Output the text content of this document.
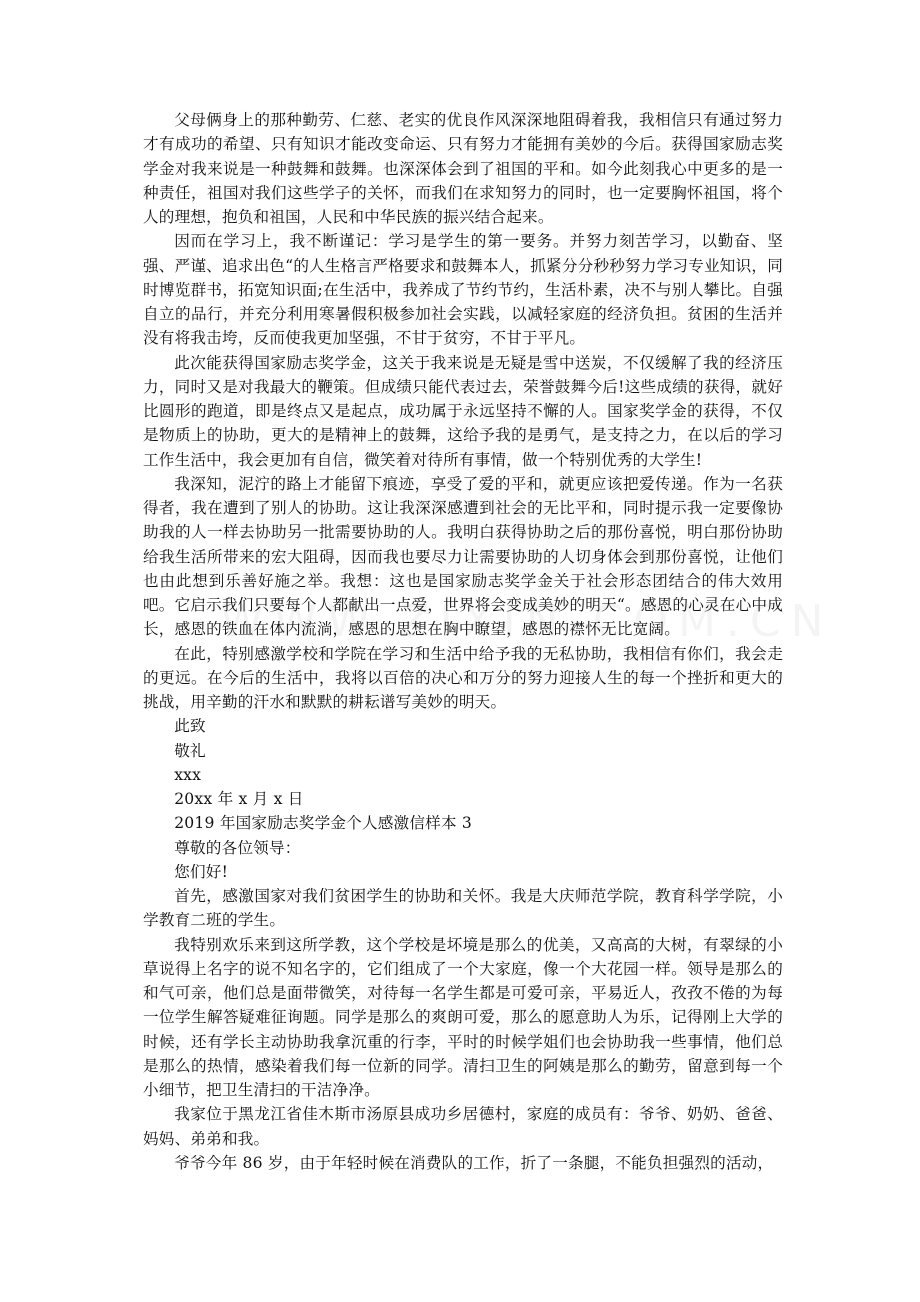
父母俩身上的那种勤劳、仁慈、老实的优良作风深深地阻碍着我，我相信只有通过努力才有成功的希望、只有知识才能改变命运、只有努力才能拥有美妙的今后。获得国家励志奖学金对我来说是一种鼓舞和鼓舞。也深深体会到了祖国的平和。如今此刻我心中更多的是一种责任，祖国对我们这些学子的关怀，而我们在求知努力的同时，也一定要胸怀祖国，将个人的理想，抱负和祖国，人民和中华民族的振兴结合起来。

因而在学习上，我不断谨记：学习是学生的第一要务。并努力刻苦学习，以勤奋、坚强、严谨、追求出色“的人生格言严格要求和鼓舞本人，抓紧分分秒秒努力学习专业知识，同时博览群书，拓宽知识面;在生活中，我养成了节约节约，生活朴素，决不与别人攀比。自强自立的品行，并充分利用寒暑假积极参加社会实践，以减轻家庭的经济负担。贫困的生活并没有将我击垮，反而使我更加坚强，不甘于贫穷，不甘于平凡。

此次能获得国家励志奖学金，这关于我来说是无疑是雪中送炭，不仅缓解了我的经济压力，同时又是对我最大的鞭策。但成绩只能代表过去，荣誉鼓舞今后!这些成绩的获得，就好比圆形的跑道，即是终点又是起点，成功属于永远坚持不懈的人。国家奖学金的获得，不仅是物质上的协助，更大的是精神上的鼓舞，这给予我的是勇气，是支持之力，在以后的学习工作生活中，我会更加有自信，微笑着对待所有事情，做一个特别优秀的大学生!

我深知，泥泞的路上才能留下痕迹，享受了爱的平和，就更应该把爱传递。作为一名获得者，我在遭到了别人的协助。这让我深深感遭到社会的无比平和，同时提示我一定要像协助我的人一样去协助另一批需要协助的人。我明白获得协助之后的那份喜悦，明白那份协助给我生活所带来的宏大阻碍，因而我也要尽力让需要协助的人切身体会到那份喜悦，让他们也由此想到乐善好施之举。我想：这也是国家励志奖学金关于社会形态团结合的伟大效用吧。它启示我们只要每个人都献出一点爱，世界将会变成美妙的明天“。感恩的心灵在心中成长，感恩的铁血在体内流淌，感恩的思想在胸中瞭望，感恩的襟怀无比宽阔。

在此，特别感激学校和学院在学习和生活中给予我的无私协助，我相信有你们，我会走的更远。在今后的生活中，我将以百倍的决心和万分的努力迎接人生的每一个挫折和更大的挑战，用辛勤的汗水和默默的耕耘谱写美妙的明天。

此致

敬礼

xxx

20xx 年 x 月 x 日

2019 年国家励志奖学金个人感激信样本 3

尊敬的各位领导：

您们好!

首先，感激国家对我们贫困学生的协助和关怀。我是大庆师范学院，教育科学学院，小学教育二班的学生。

我特别欢乐来到这所学教，这个学校是坏境是那么的优美，又高高的大树，有翠绿的小草说得上名字的说不知名字的，它们组成了一个大家庭，像一个大花园一样。领导是那么的和气可亲，他们总是面带微笑，对待每一名学生都是可爱可亲，平易近人，孜孜不倦的为每一位学生解答疑难征询题。同学是那么的爽朗可爱，那么的愿意助人为乐，记得刚上大学的时候，还有学长主动协助我拿沉重的行李，平时的时候学姐们也会协助我一些事情，他们总是那么的热情，感染着我们每一位新的同学。清扫卫生的阿姨是那么的勤劳，留意到每一个小细节，把卫生清扫的干洁净净。

我家位于黑龙江省佳木斯市汤原县成功乡居德村，家庭的成员有：爷爷、奶奶、爸爸、妈妈、弟弟和我。

爷爷今年 86 岁，由于年轻时候在消费队的工作，折了一条腿，不能负担强烈的活动，
